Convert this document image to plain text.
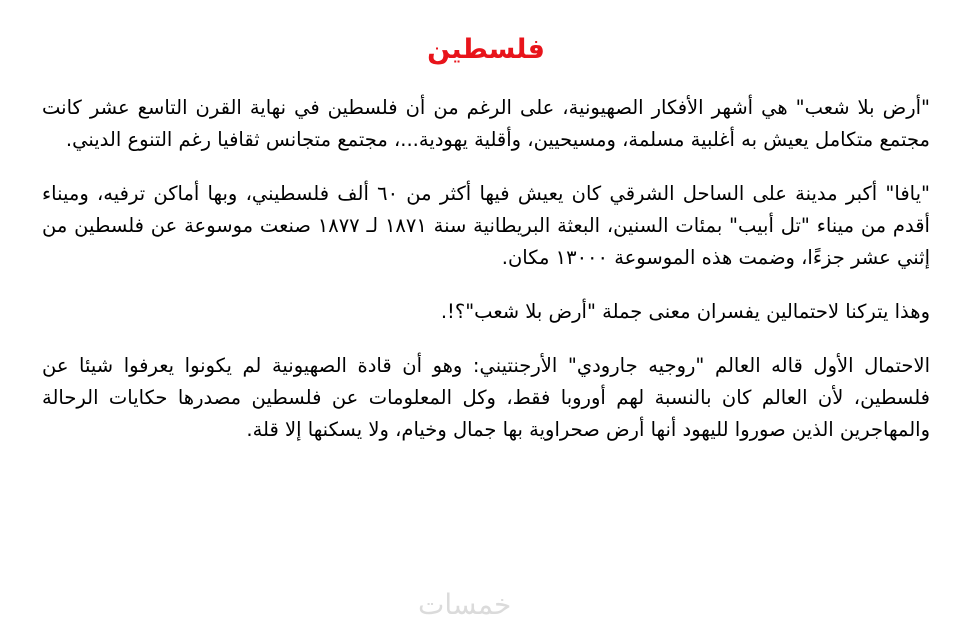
فلسطين

"أرض بلا شعب" هي أشهر الأفكار الصهيونية، على الرغم من أن فلسطين في نهاية القرن التاسع عشر كانت مجتمع متكامل يعيش به أغلبية مسلمة، ومسيحيين، وأقلية يهودية...، مجتمع متجانس ثقافيا رغم التنوع الديني.

"يافا" أكبر مدينة على الساحل الشرقي كان يعيش فيها أكثر من ٦٠ ألف فلسطيني، وبها أماكن ترفيه، وميناء أقدم من ميناء "تل أبيب" بمئات السنين، البعثة البريطانية سنة ١٨٧١ لـ ١٨٧٧ صنعت موسوعة عن فلسطين من إثني عشر جزءًا، وضمت هذه الموسوعة ١٣٠٠٠ مكان.

وهذا يتركنا لاحتمالين يفسران معنى جملة "أرض بلا شعب"؟!.

الاحتمال الأول قاله العالم "روجيه جارودي" الأرجنتيني: وهو أن قادة الصهيونية لم يكونوا يعرفوا شيئا عن فلسطين، لأن العالم كان بالنسبة لهم أوروبا فقط، وكل المعلومات عن فلسطين مصدرها حكايات الرحالة والمهاجرين الذين صوروا لليهود أنها أرض صحراوية بها جمال وخيام، ولا يسكنها إلا قلة.

خمسات
